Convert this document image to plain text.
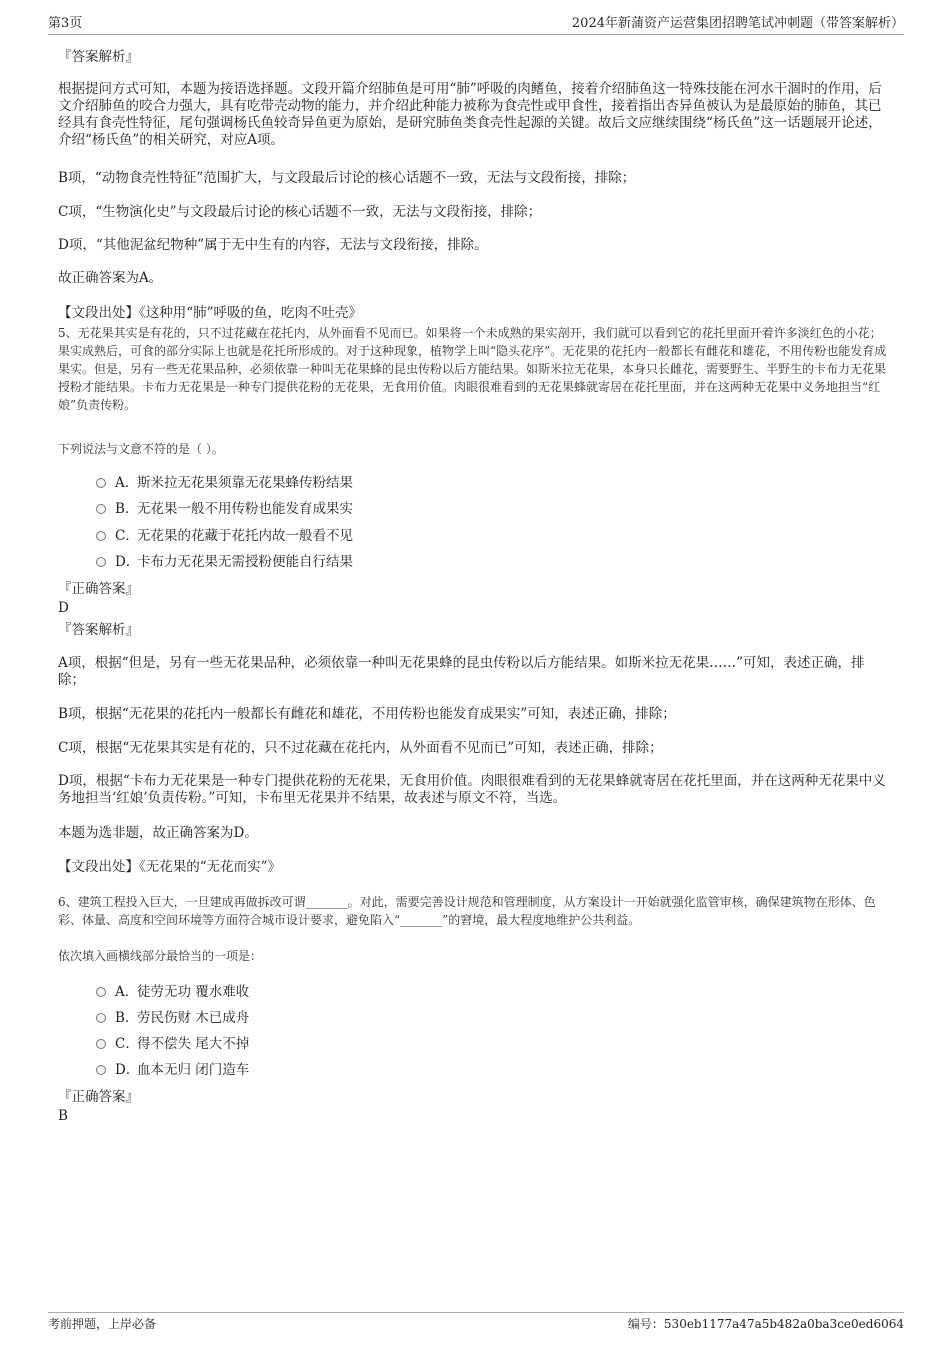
第3页	2024年新蒲资产运营集团招聘笔试冲刺题（带答案解析）
『答案解析』
根据提问方式可知，本题为接语选择题。文段开篇介绍肺鱼是可用“肺”呼吸的肉鳍鱼，接着介绍肺鱼这一特殊技能在河水干涸时的作用，后文介绍肺鱼的咬合力强大，具有吃带壳动物的能力，并介绍此种能力被称为食壳性或甲食性，接着指出杏异鱼被认为是最原始的肺鱼，其已经具有食壳性特征，尾句强调杨氏鱼较奇异鱼更为原始，是研究肺鱼类食壳性起源的关键。故后文应继续围绕“杨氏鱼”这一话题展开论述，介绍“杨氏鱼”的相关研究，对应A项。
B项，“动物食壳性特征”范围扩大，与文段最后讨论的核心话题不一致，无法与文段衔接，排除；
C项，“生物演化史”与文段最后讨论的核心话题不一致，无法与文段衔接，排除；
D项，“其他泥盆纪物种”属于无中生有的内容，无法与文段衔接，排除。
故正确答案为A。
【文段出处】《这种用“肺”呼吸的鱼，吃肉不吐壳》
5、无花果其实是有花的，只不过花藏在花托内，从外面看不见而已。如果将一个未成熟的果实剖开，我们就可以看到它的花托里面开着许多淡红色的小花；果实成熟后，可食的部分实际上也就是花托所形成的。对于这种现象，植物学上叫“隐头花序”。无花果的花托内一般都长有雌花和雄花，不用传粉也能发育成果实。但是，另有一些无花果品种，必须依靠一种叫无花果蜂的昆虫传粉以后方能结果。如斯米拉无花果，本身只长雌花，需要野生、半野生的卡布力无花果授粉才能结果。卡布力无花果是一种专门提供花粉的无花果，无食用价值。肉眼很难看到的无花果蜂就寄居在花托里面，并在这两种无花果中义务地担当“红娘”负责传粉。
下列说法与文意不符的是（ ）。
A．斯米拉无花果须靠无花果蜂传粉结果
B．无花果一般不用传粉也能发育成果实
C．无花果的花藏于花托内故一般看不见
D．卡布力无花果无需授粉便能自行结果
『正确答案』
D
『答案解析』
A项，根据“但是，另有一些无花果品种，必须依靠一种叫无花果蜂的昆虫传粉以后方能结果。如斯米拉无花果……”可知，表述正确，排除；
B项，根据“无花果的花托内一般都长有雌花和雄花，不用传粉也能发育成果实”可知，表述正确，排除；
C项，根据“无花果其实是有花的，只不过花藏在花托内，从外面看不见而已”可知，表述正确，排除；
D项，根据“卡布力无花果是一种专门提供花粉的无花果，无食用价值。肉眼很难看到的无花果蜂就寄居在花托里面，并在这两种无花果中义务地担当‘红娘’负责传粉。”可知，卡布里无花果并不结果，故表述与原文不符，当选。
本题为选非题，故正确答案为D。
【文段出处】《无花果的“无花而实”》
6、建筑工程投入巨大，一旦建成再做拆改可谓_______。对此，需要完善设计规范和管理制度，从方案设计一开始就强化监管审核，确保建筑物在形体、色彩、体量、高度和空间环境等方面符合城市设计要求，避免陷入“_______”的窘境，最大程度地维护公共利益。
依次填入画横线部分最恰当的一项是：
A．徒劳无功 覆水难收
B．劳民伤财 木已成舟
C．得不偿失 尾大不掉
D．血本无归 闭门造车
『正确答案』
B
考前押题，上岸必备	编号：530eb1177a47a5b482a0ba3ce0ed6064
